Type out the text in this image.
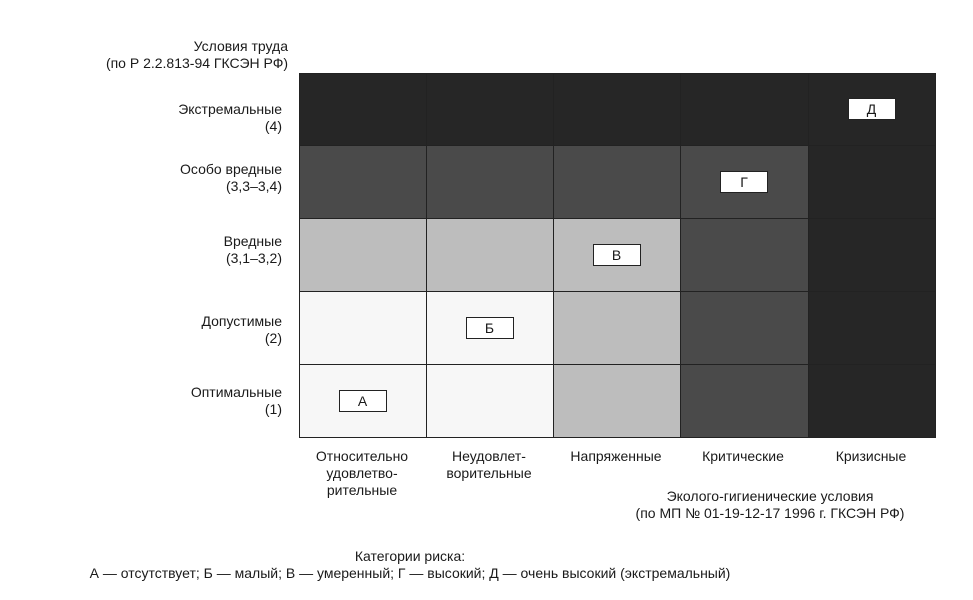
Условия труда
(по Р 2.2.813-94 ГКСЭН РФ)
Экстремальные
(4)
Особо вредные
(3,3–3,4)
Вредные
(3,1–3,2)
Допустимые
(2)
Оптимальные
(1)
А
Б
В
Г
Д
Относительно
удовлетво-
рительные
Неудовлет-
ворительные
Напряженные	Критические	Кризисные
Эколого-гигиенические условия
(по МП № 01-19-12-17 1996 г. ГКСЭН РФ)
Категории риска:
А — отсутствует; Б — малый; В — умеренный; Г — высокий; Д — очень высокий (экстремальный)
